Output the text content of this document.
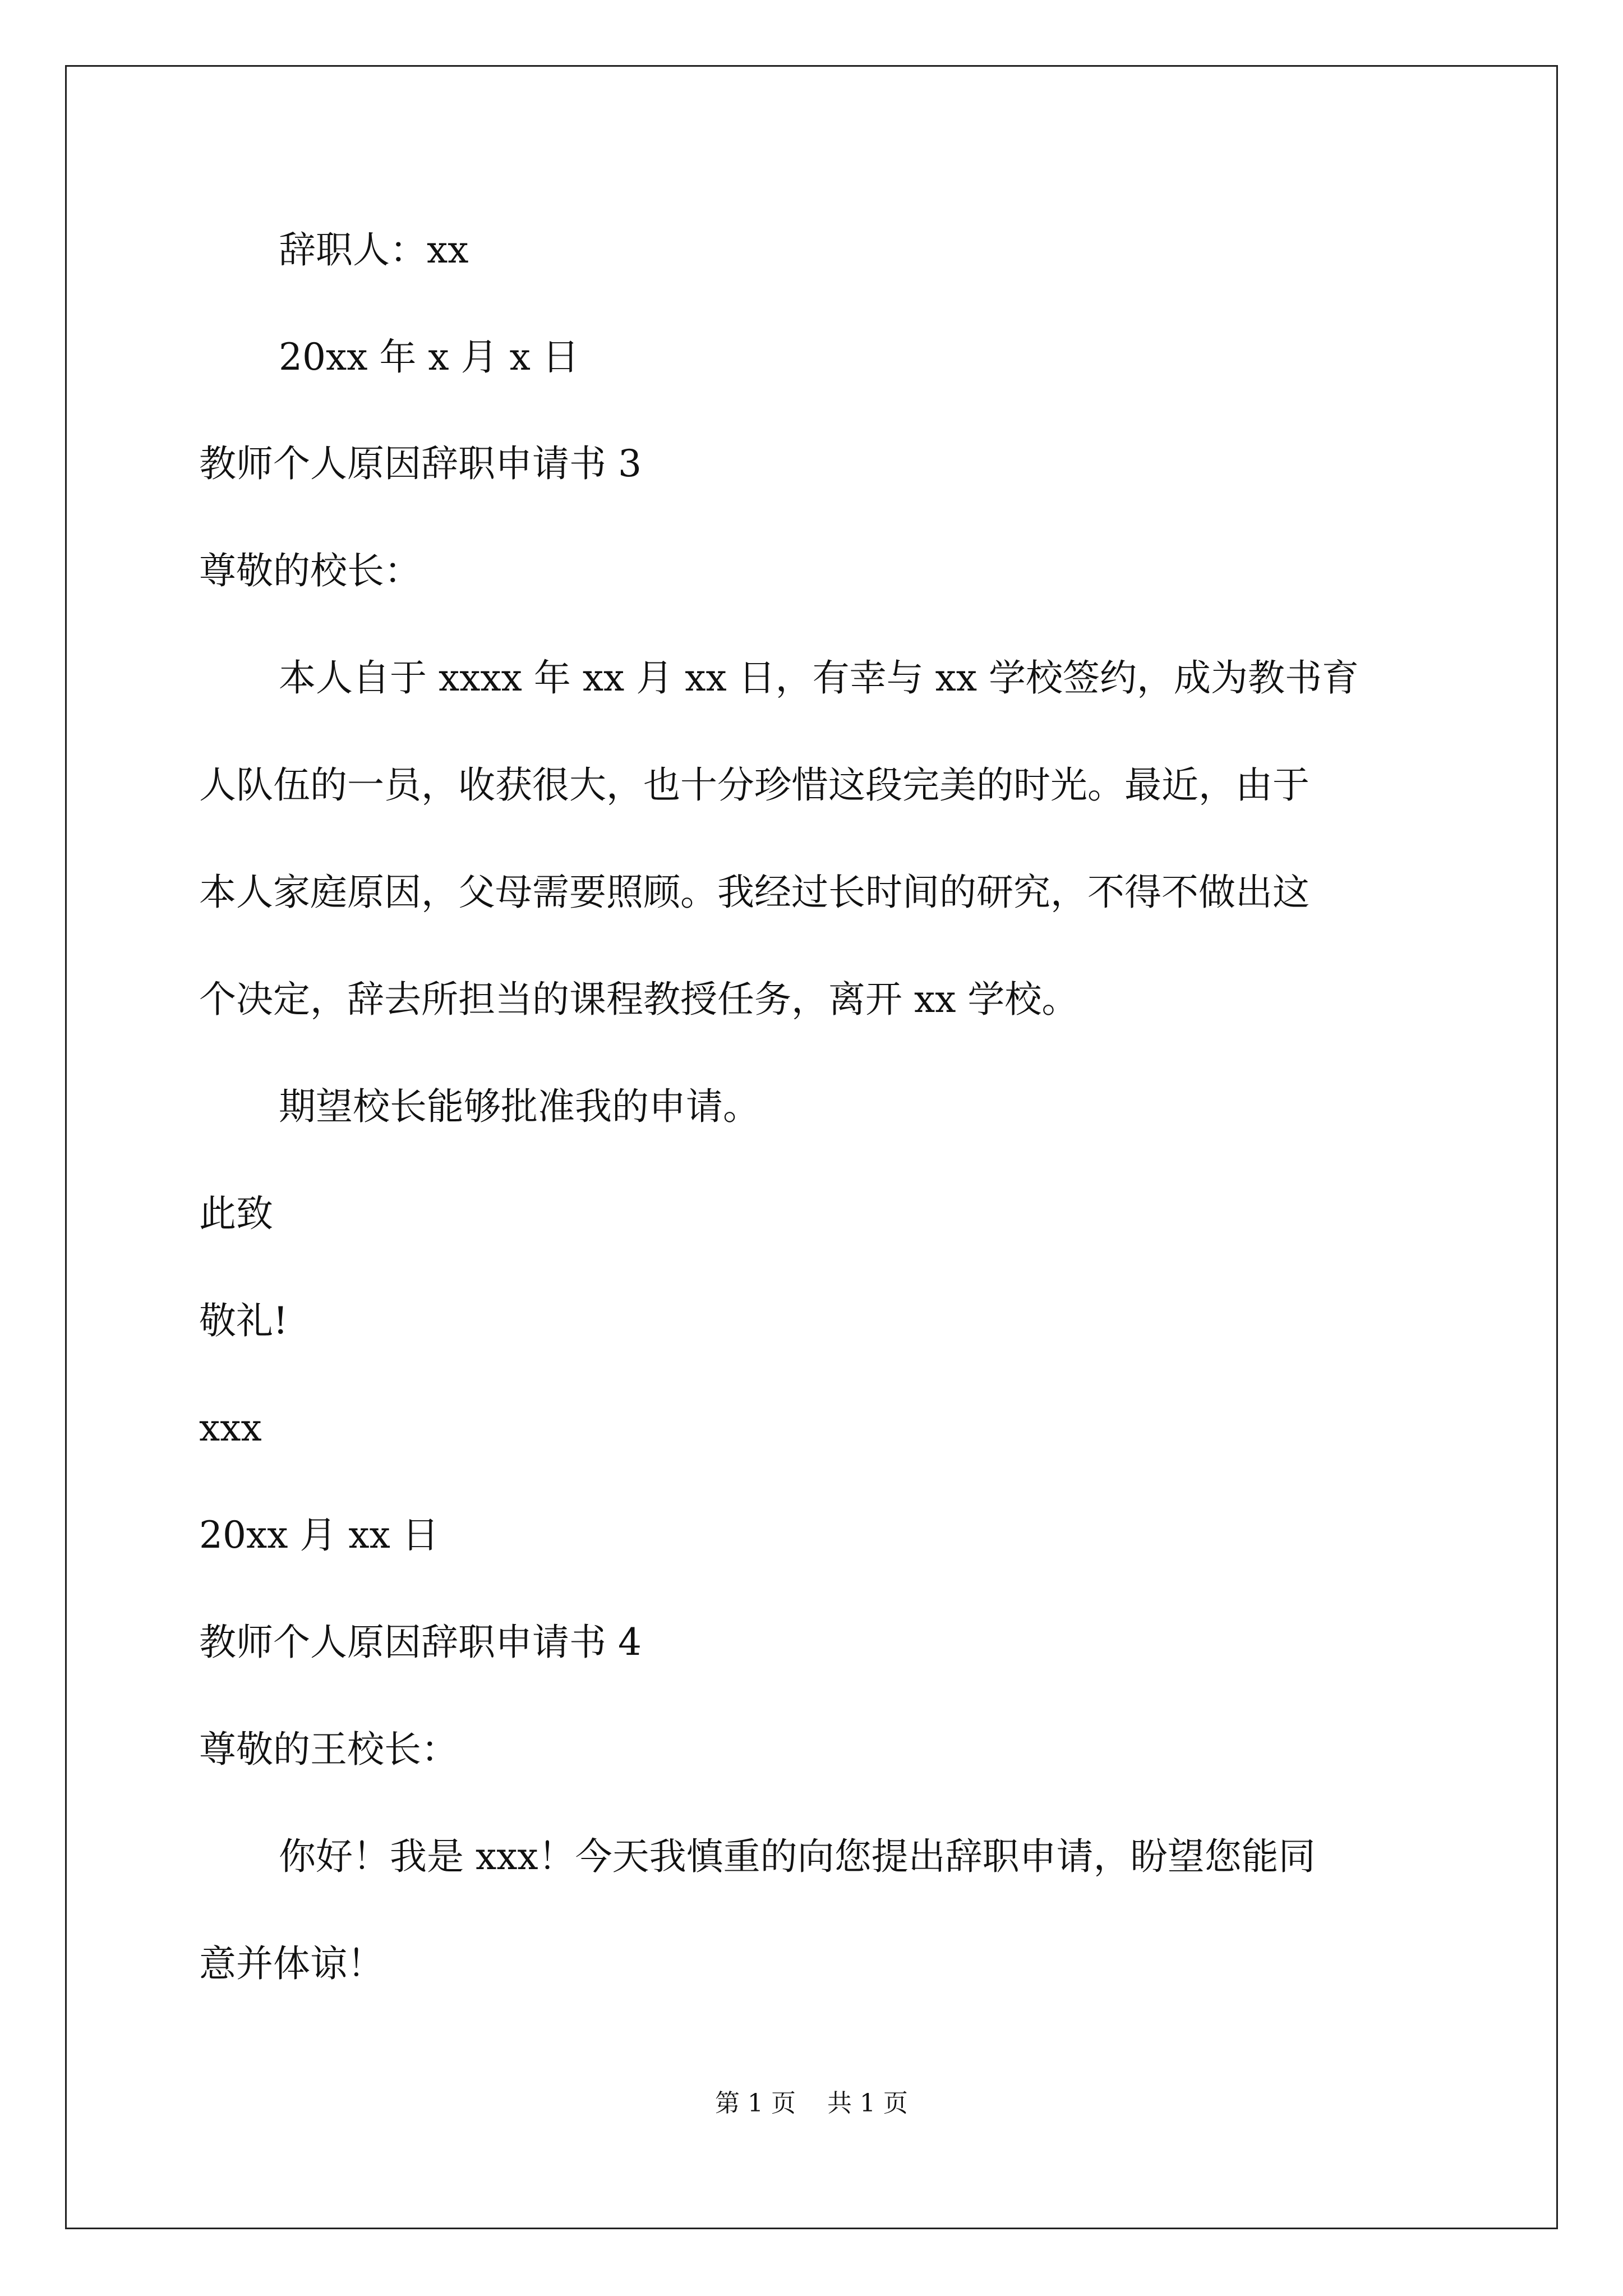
辞职人：xx
20xx 年 x 月 x 日
教师个人原因辞职申请书 3
尊敬的校长：
本人自于 xxxx 年 xx 月 xx 日，有幸与 xx 学校签约，成为教书育
人队伍的一员，收获很大，也十分珍惜这段完美的时光。最近，由于
本人家庭原因，父母需要照顾。我经过长时间的研究，不得不做出这
个决定，辞去所担当的课程教授任务，离开 xx 学校。
期望校长能够批准我的申请。
此致
敬礼!
xxx
20xx 月 xx 日
教师个人原因辞职申请书 4
尊敬的王校长：
你好！我是 xxx！今天我慎重的向您提出辞职申请，盼望您能同
意并体谅！
第 1 页    共 1 页
